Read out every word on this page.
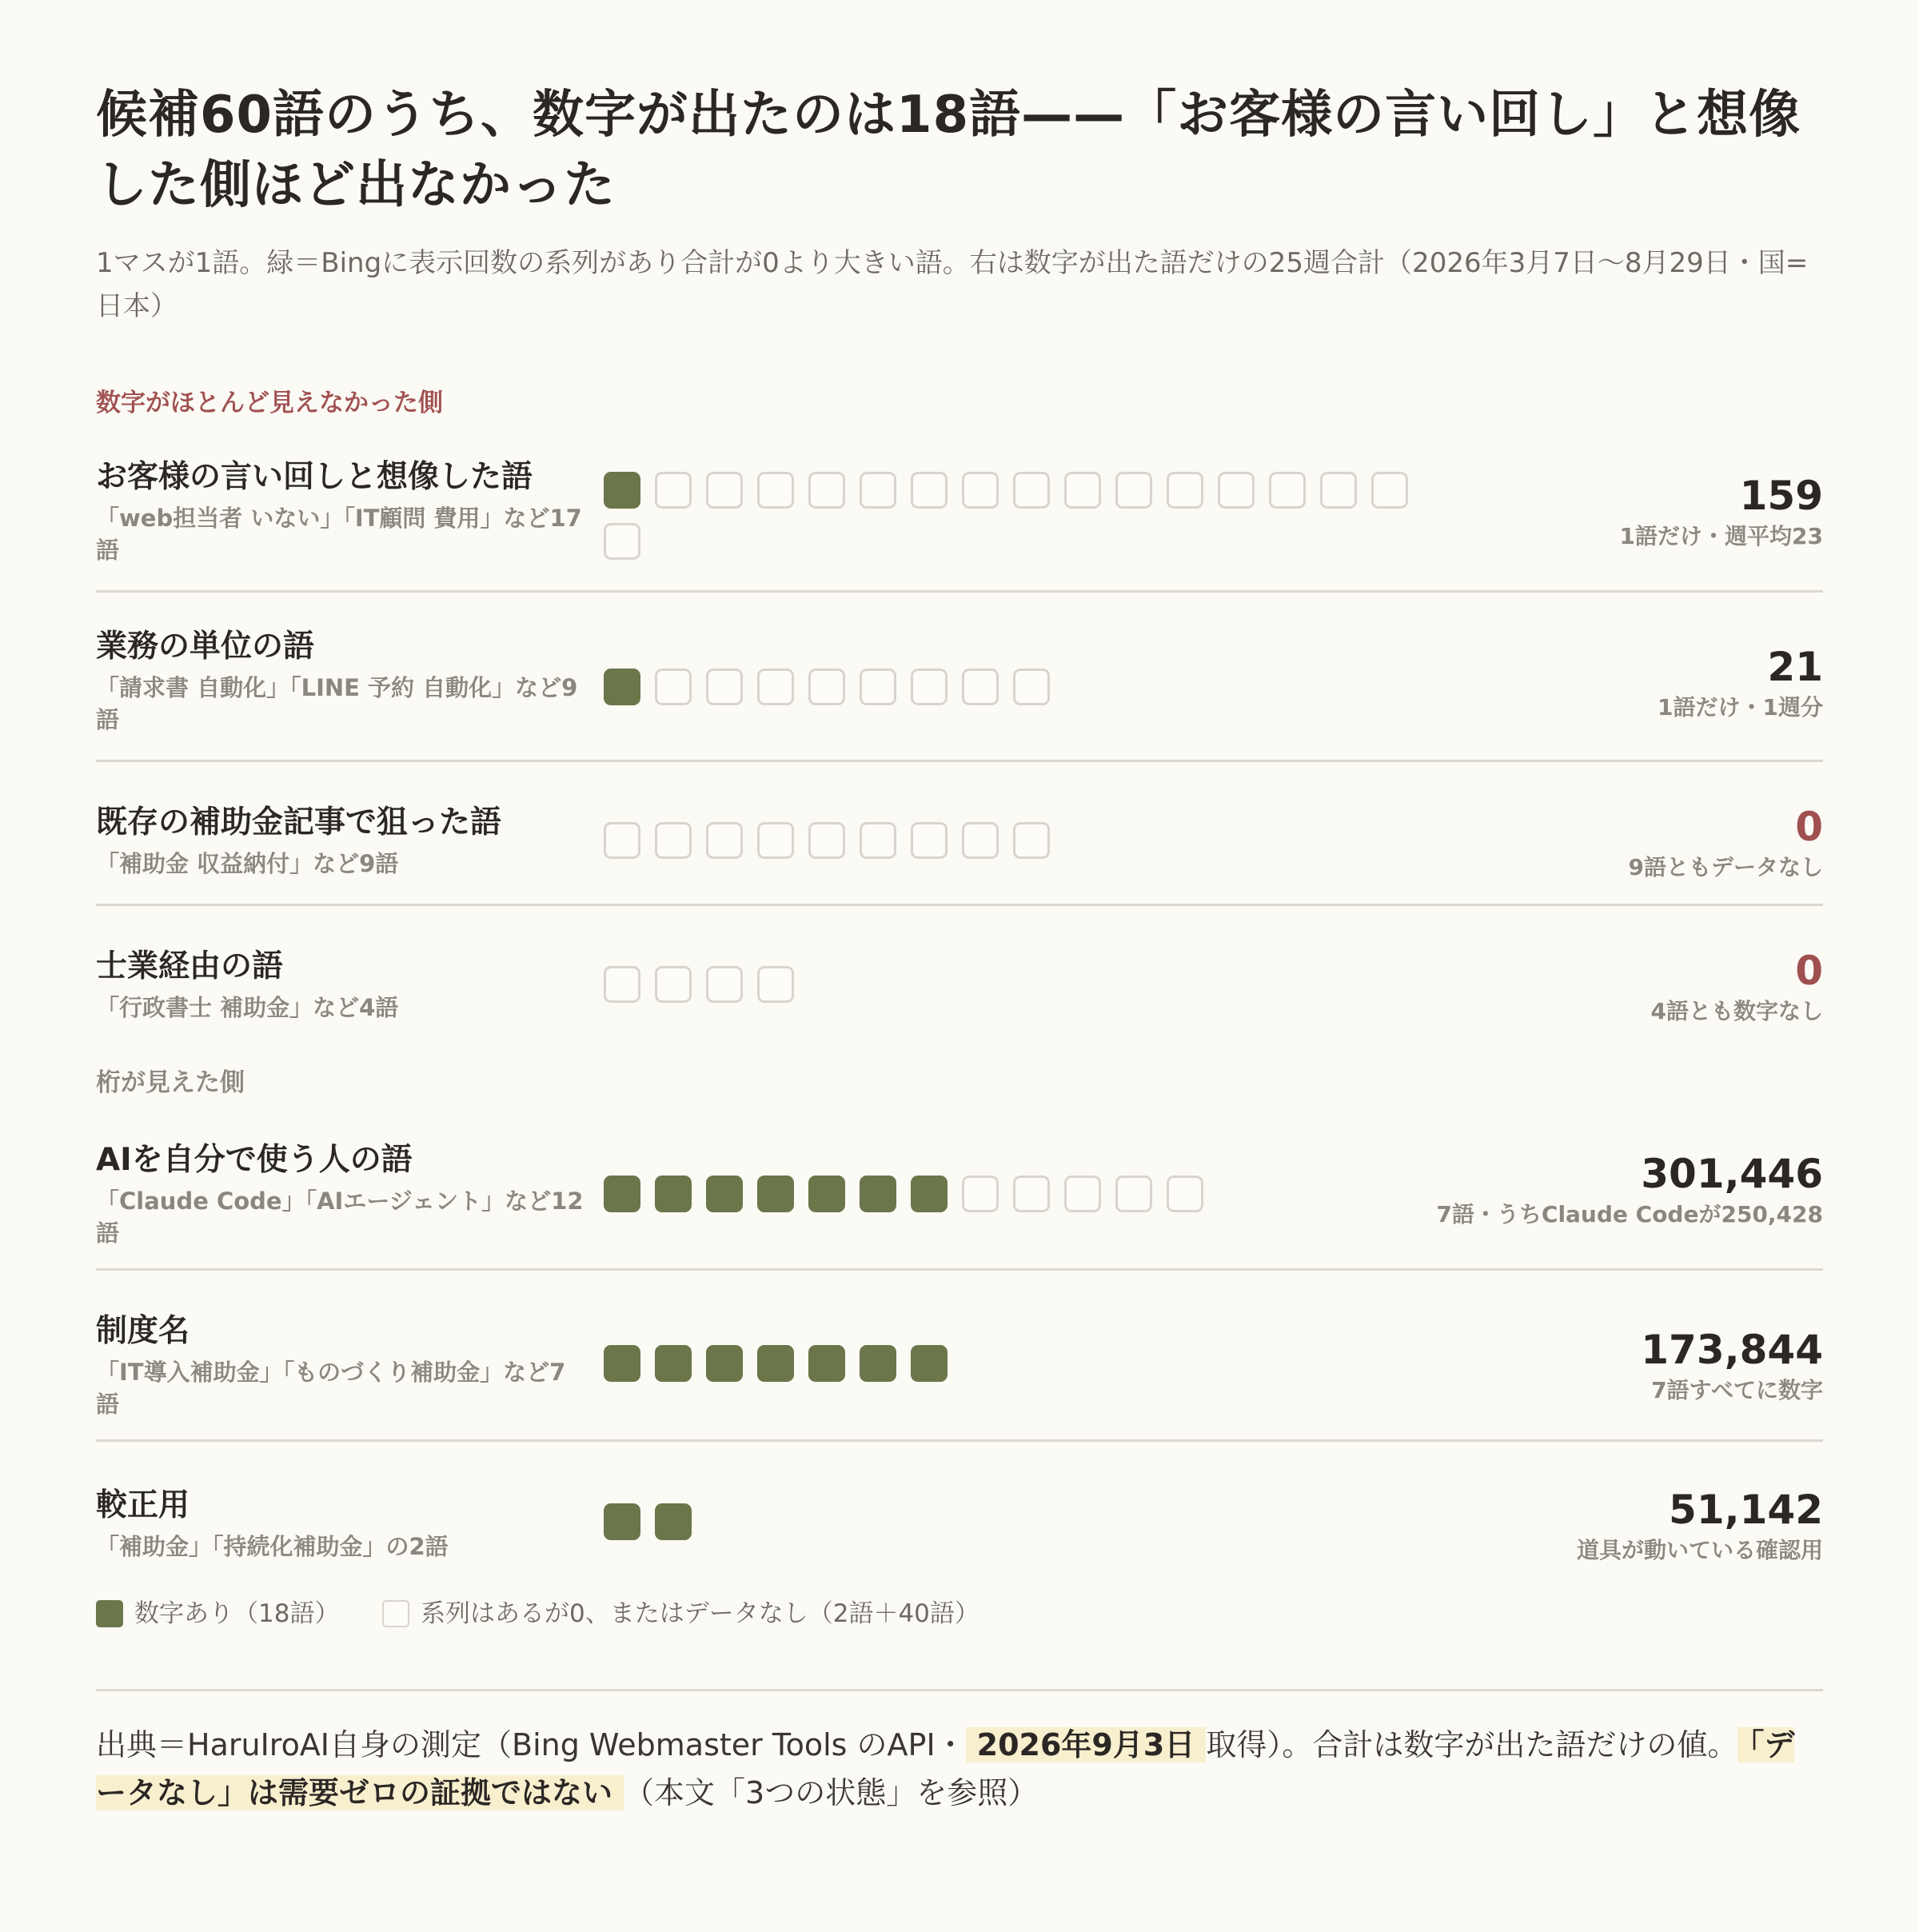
候補60語のうち、数字が出たのは18語——「お客様の言い回し」と想像した側ほど出なかった
1マスが1語。緑＝Bingに表示回数の系列があり合計が0より大きい語。右は数字が出た語だけの25週合計（2026年3月7日〜8月29日・国=日本）
数字がほとんど見えなかった側
桁が見えた側
お客様の言い回しと想像した語
「web担当者 いない」「IT顧問 費用」など17語
159
1語だけ・週平均23
業務の単位の語
「請求書 自動化」「LINE 予約 自動化」など9語
21
1語だけ・1週分
既存の補助金記事で狙った語
「補助金 収益納付」など9語
0
9語ともデータなし
士業経由の語
「行政書士 補助金」など4語
0
4語とも数字なし
AIを自分で使う人の語
「Claude Code」「AIエージェント」など12語
301,446
7語・うちClaude Codeが250,428
制度名
「IT導入補助金」「ものづくり補助金」など7語
173,844
7語すべてに数字
較正用
「補助金」「持続化補助金」の2語
51,142
道具が動いている確認用
数字あり（18語）	系列はあるが0、またはデータなし（2語＋40語）
出典＝HaruIroAI自身の測定（Bing Webmaster Tools のAPI・ 2026年9月3日 取得）。合計は数字が出た語だけの値。 「データなし」は需要ゼロの証拠ではない （本文「3つの状態」を参照）
